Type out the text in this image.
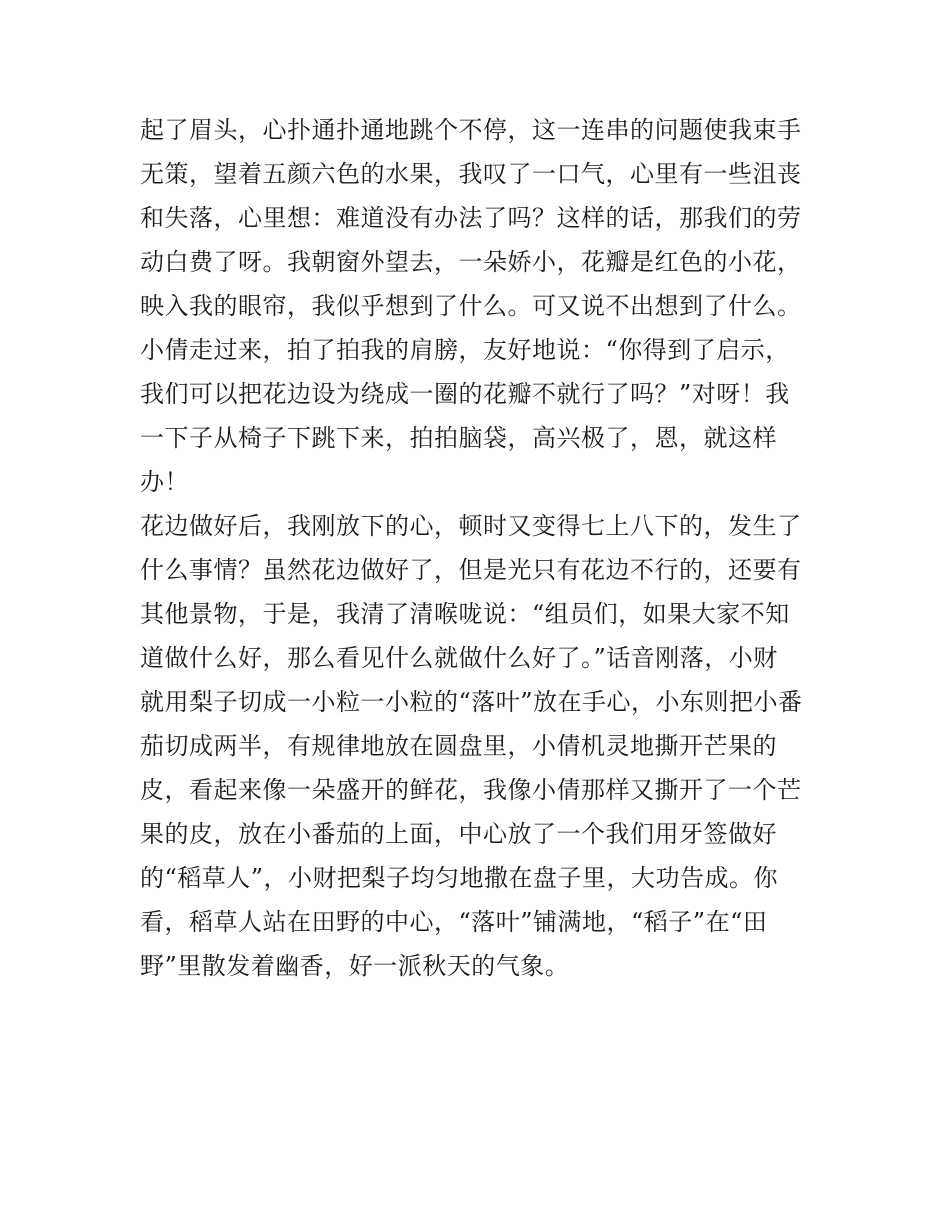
起了眉头，心扑通扑通地跳个不停，这一连串的问题使我束手
无策，望着五颜六色的水果，我叹了一口气，心里有一些沮丧
和失落，心里想：难道没有办法了吗？这样的话，那我们的劳
动白费了呀。我朝窗外望去，一朵娇小，花瓣是红色的小花，
映入我的眼帘，我似乎想到了什么。可又说不出想到了什么。
小倩走过来，拍了拍我的肩膀，友好地说：“你得到了启示，
我们可以把花边设为绕成一圈的花瓣不就行了吗？”对呀！我
一下子从椅子下跳下来，拍拍脑袋，高兴极了，恩，就这样
办！
花边做好后，我刚放下的心，顿时又变得七上八下的，发生了
什么事情？虽然花边做好了，但是光只有花边不行的，还要有
其他景物，于是，我清了清喉咙说：“组员们，如果大家不知
道做什么好，那么看见什么就做什么好了。”话音刚落，小财
就用梨子切成一小粒一小粒的“落叶”放在手心，小东则把小番
茄切成两半，有规律地放在圆盘里，小倩机灵地撕开芒果的
皮，看起来像一朵盛开的鲜花，我像小倩那样又撕开了一个芒
果的皮，放在小番茄的上面，中心放了一个我们用牙签做好
的“稻草人”，小财把梨子均匀地撒在盘子里，大功告成。你
看，稻草人站在田野的中心，“落叶”铺满地，“稻子”在“田
野”里散发着幽香，好一派秋天的气象。
